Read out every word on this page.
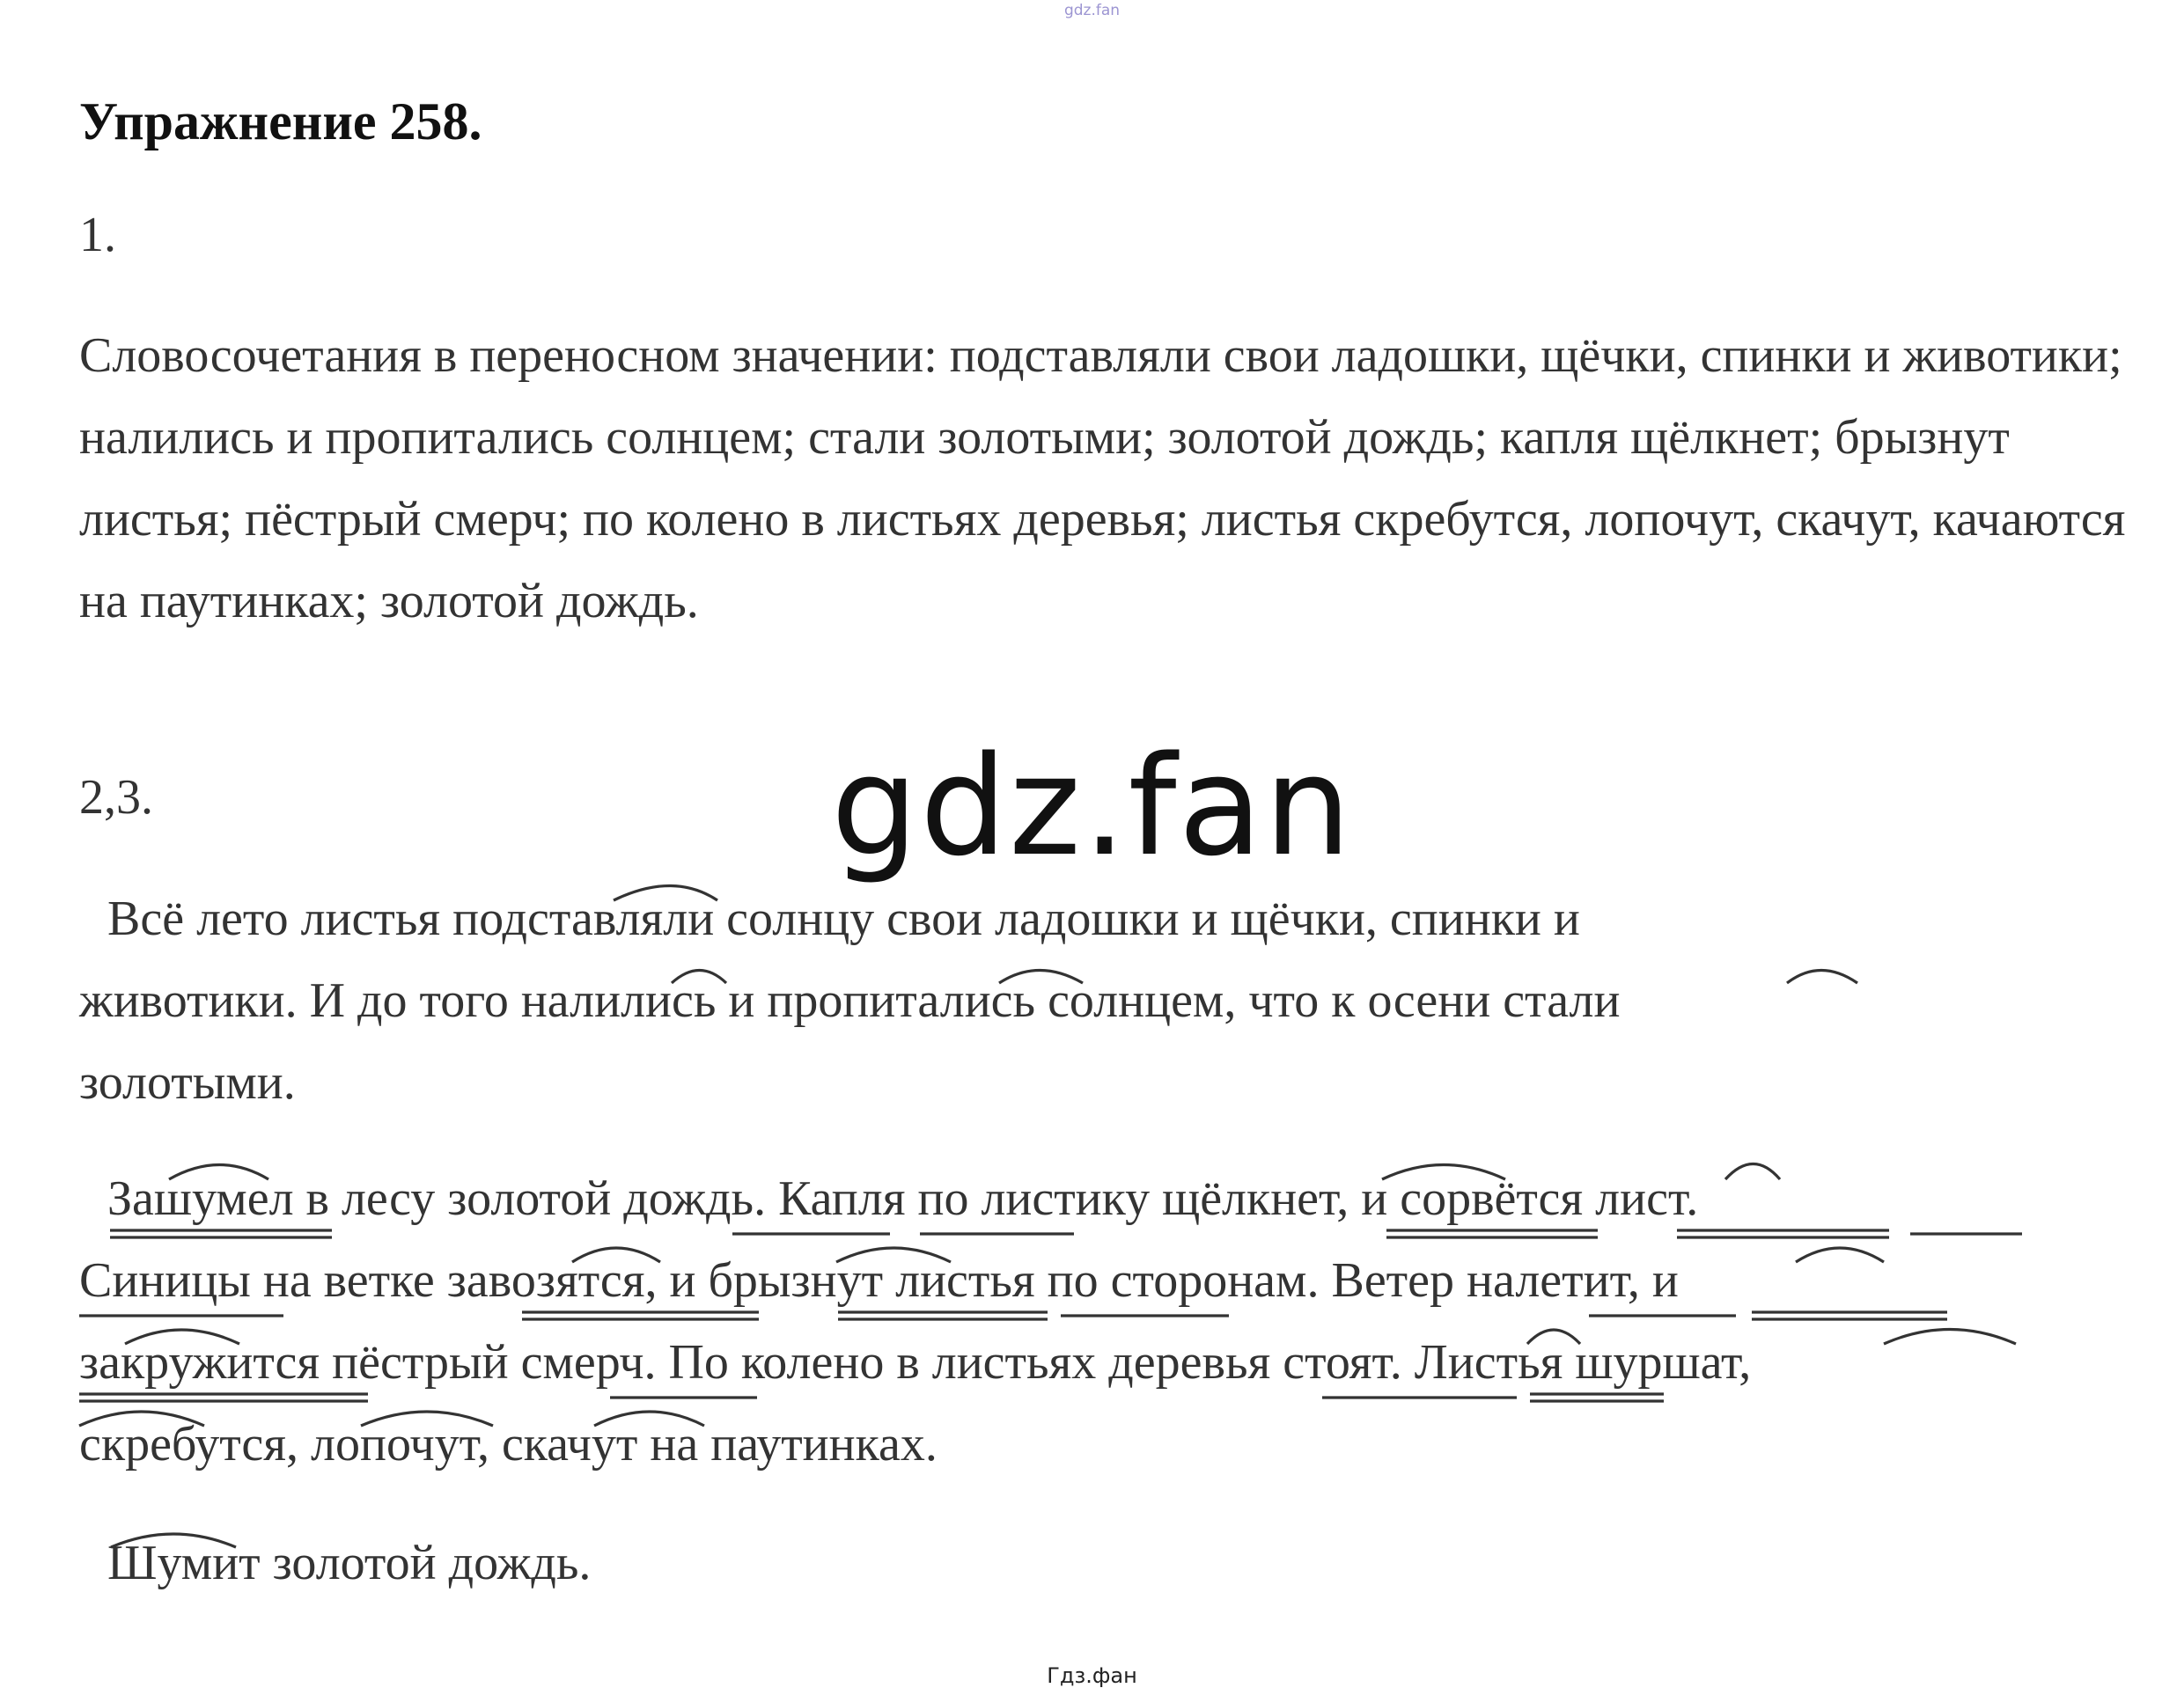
gdz.fan
Упражнение 258.
1.
Словосочетания в переносном значении: подставляли свои ладошки, щёчки, спинки и животики; налились и пропитались солнцем; стали золотыми; золотой дождь; капля щёлкнет; брызнут листья; пёстрый смерч; по колено в листьях деревья; листья скребутся, лопочут, скачут, качаются на паутинках; золотой дождь.
2,3.
Всё лето листья подставляли солнцу свои ладошки и щёчки, спинки и
животики. И до того налились и пропитались солнцем, что к осени стали
золотыми.
Зашумел в лесу золотой дождь. Капля по листику щёлкнет, и сорвётся лист.
Синицы на ветке завозятся, и брызнут листья по сторонам. Ветер налетит, и
закружится пёстрый смерч. По колено в листьях деревья стоят. Листья шуршат,
скребутся, лопочут, скачут на паутинках.
Шумит золотой дождь.
gdz.fan
Гдз.фан
